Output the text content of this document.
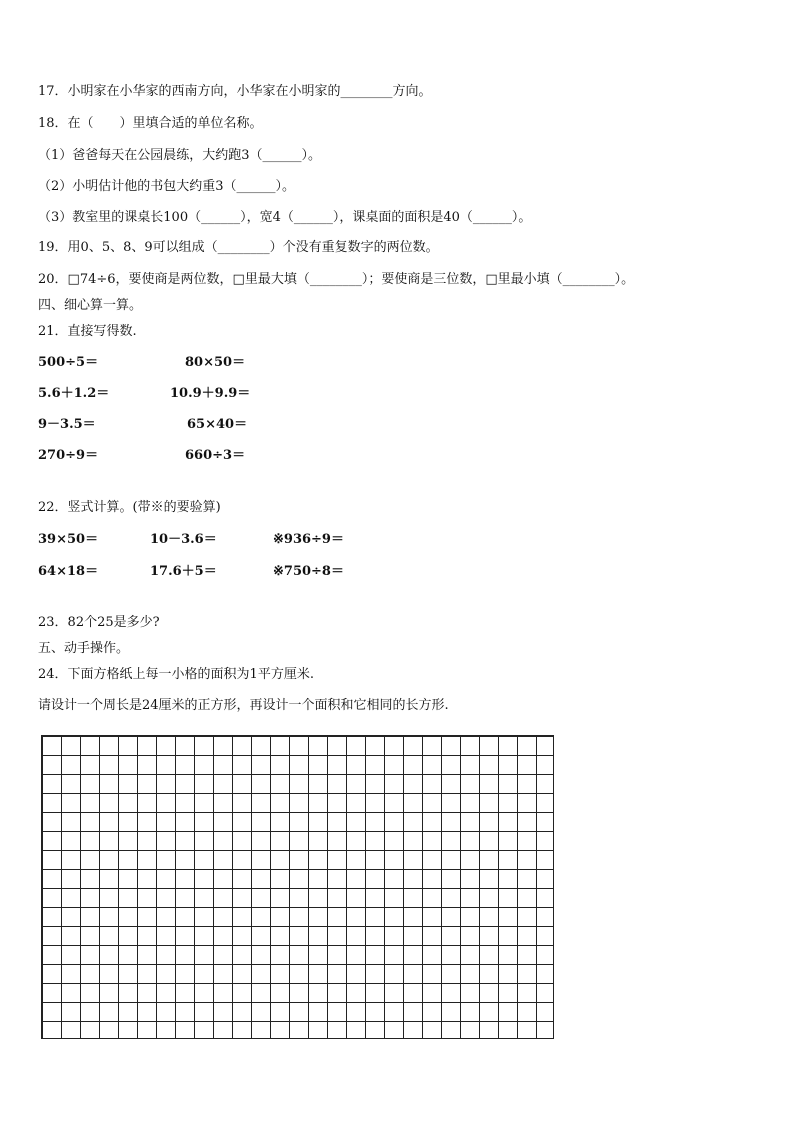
17．小明家在小华家的西南方向，小华家在小明家的________方向。
18．在（　　）里填合适的单位名称。
（1）爸爸每天在公园晨练，大约跑3（______）。
（2）小明估计他的书包大约重3（______）。
（3）教室里的课桌长100（______），宽4（______），课桌面的面积是40（______）。
19．用0、5、8、9可以组成（________）个没有重复数字的两位数。
20．□74÷6，要使商是两位数，□里最大填（________）；要使商是三位数，□里最小填（________）。
四、细心算一算。
21．直接写得数.
500÷5＝	80×50＝
5.6＋1.2＝	10.9＋9.9＝
9－3.5＝	65×40＝
270÷9＝	660÷3＝
22．竖式计算。(带※的要验算)
39×50＝	10－3.6＝	※936÷9＝
64×18＝	17.6＋5＝	※750÷8＝
23．82个25是多少?
五、动手操作。
24．下面方格纸上每一小格的面积为1平方厘米.
请设计一个周长是24厘米的正方形，再设计一个面积和它相同的长方形.
